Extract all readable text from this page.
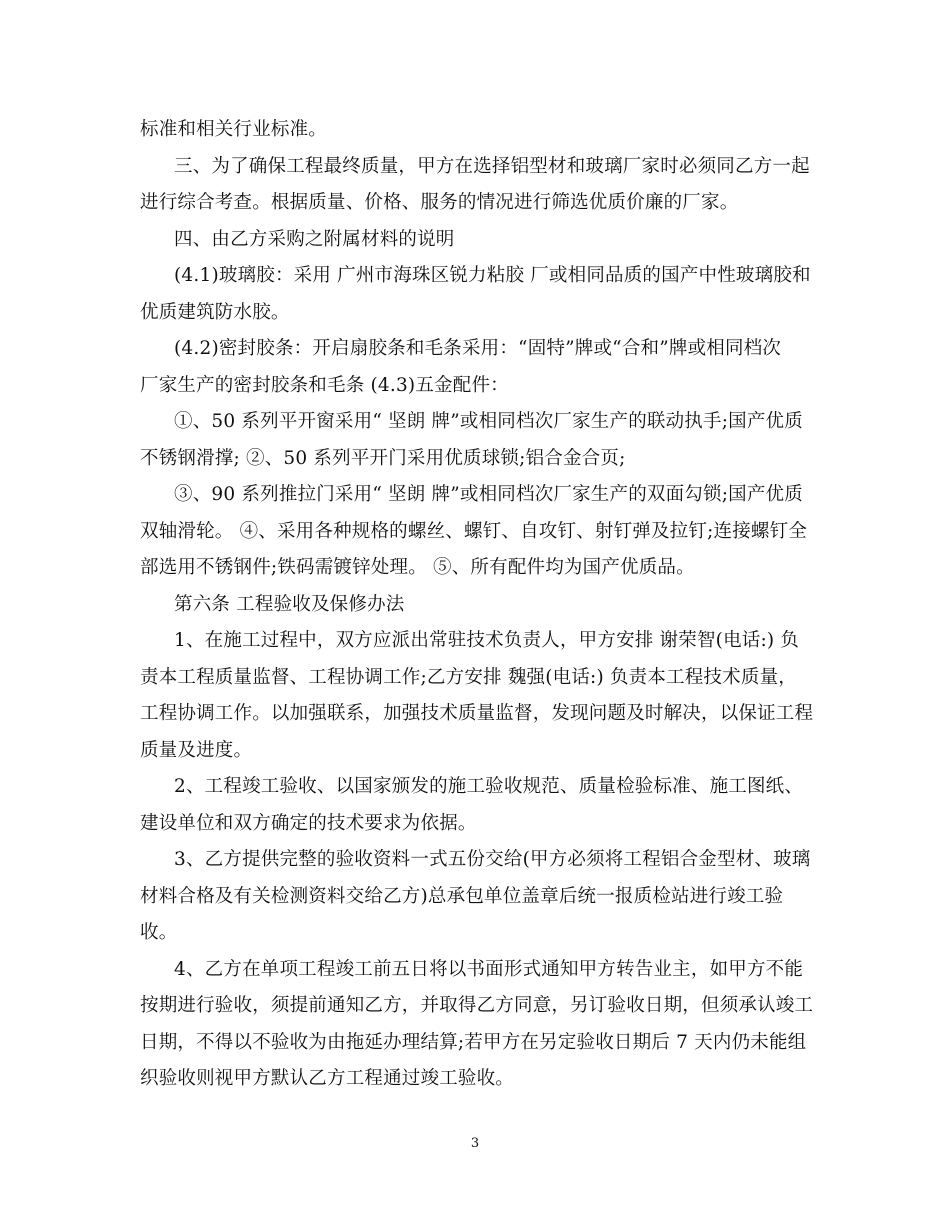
标准和相关行业标准。
三、为了确保工程最终质量，甲方在选择铝型材和玻璃厂家时必须同乙方一起
进行综合考查。根据质量、价格、服务的情况进行筛选优质价廉的厂家。
四、由乙方采购之附属材料的说明
(4.1)玻璃胶：采用 广州市海珠区锐力粘胶 厂或相同品质的国产中性玻璃胶和
优质建筑防水胶。
(4.2)密封胶条：开启扇胶条和毛条采用：“固特”牌或“合和”牌或相同档次
厂家生产的密封胶条和毛条 (4.3)五金配件：
①、50 系列平开窗采用“ 坚朗 牌”或相同档次厂家生产的联动执手;国产优质
不锈钢滑撑; ②、50 系列平开门采用优质球锁;铝合金合页;
③、90 系列推拉门采用“ 坚朗 牌”或相同档次厂家生产的双面勾锁;国产优质
双轴滑轮。 ④、采用各种规格的螺丝、螺钉、自攻钉、射钉弹及拉钉;连接螺钉全
部选用不锈钢件;铁码需镀锌处理。 ⑤、所有配件均为国产优质品。
第六条 工程验收及保修办法
1、在施工过程中，双方应派出常驻技术负责人，甲方安排 谢荣智(电话:) 负
责本工程质量监督、工程协调工作;乙方安排 魏强(电话:) 负责本工程技术质量，
工程协调工作。以加强联系，加强技术质量监督，发现问题及时解决，以保证工程
质量及进度。
2、工程竣工验收、以国家颁发的施工验收规范、质量检验标准、施工图纸、
建设单位和双方确定的技术要求为依据。
3、乙方提供完整的验收资料一式五份交给(甲方必须将工程铝合金型材、玻璃
材料合格及有关检测资料交给乙方)总承包单位盖章后统一报质检站进行竣工验
收。
4、乙方在单项工程竣工前五日将以书面形式通知甲方转告业主，如甲方不能
按期进行验收，须提前通知乙方，并取得乙方同意，另订验收日期，但须承认竣工
日期，不得以不验收为由拖延办理结算;若甲方在另定验收日期后 7 天内仍未能组
织验收则视甲方默认乙方工程通过竣工验收。
3
